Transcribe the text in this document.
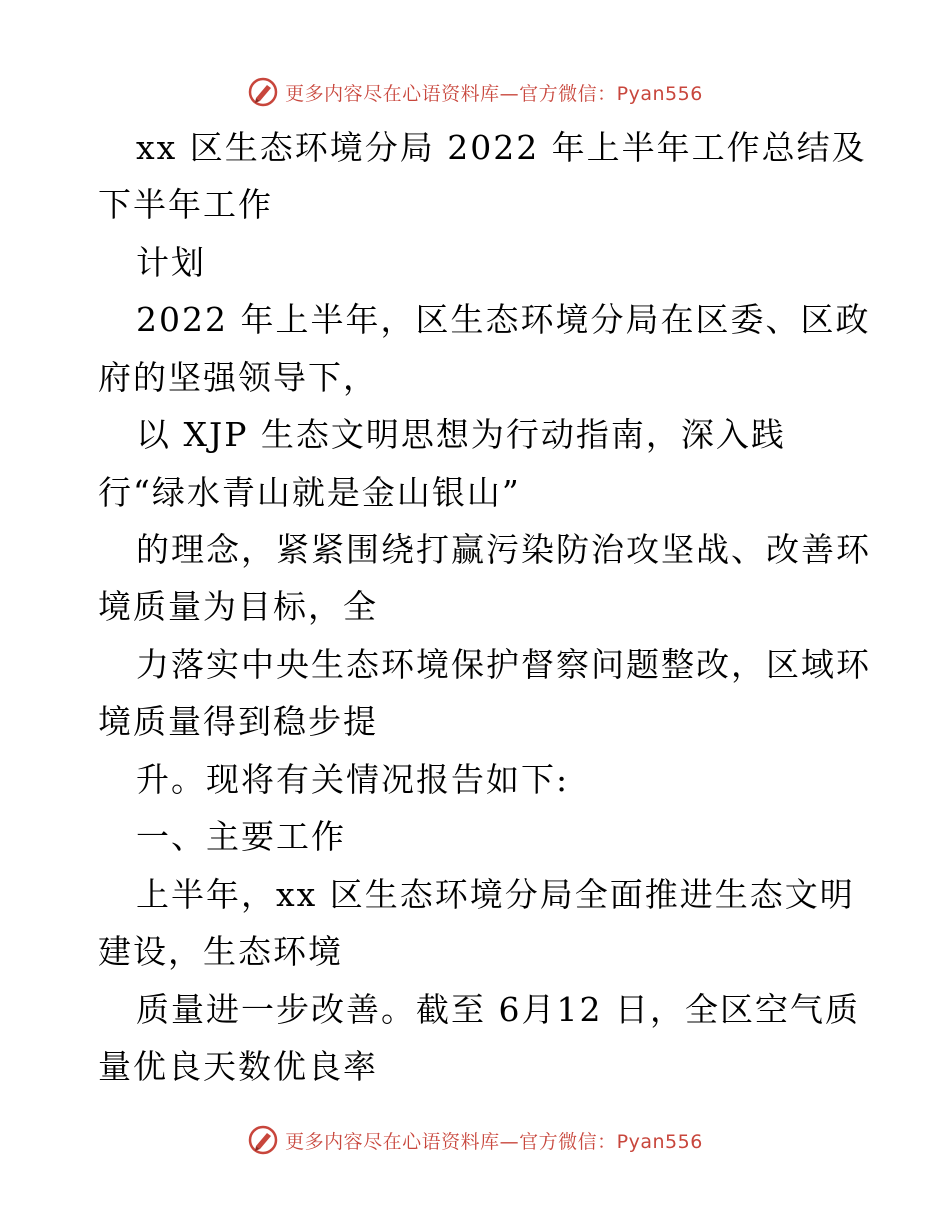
更多内容尽在心语资料库—官方微信：Pyan556
xx 区生态环境分局 2022 年上半年工作总结及
下半年工作
计划
2022 年上半年，区生态环境分局在区委、区政
府的坚强领导下，
以 XJP 生态文明思想为行动指南，深入践
行“绿水青山就是金山银山”
的理念，紧紧围绕打赢污染防治攻坚战、改善环
境质量为目标，全
力落实中央生态环境保护督察问题整改，区域环
境质量得到稳步提
升。现将有关情况报告如下:
一、主要工作
上半年，xx 区生态环境分局全面推进生态文明
建设，生态环境
质量进一步改善。截至 6月12 日，全区空气质
量优良天数优良率
更多内容尽在心语资料库—官方微信：Pyan556
